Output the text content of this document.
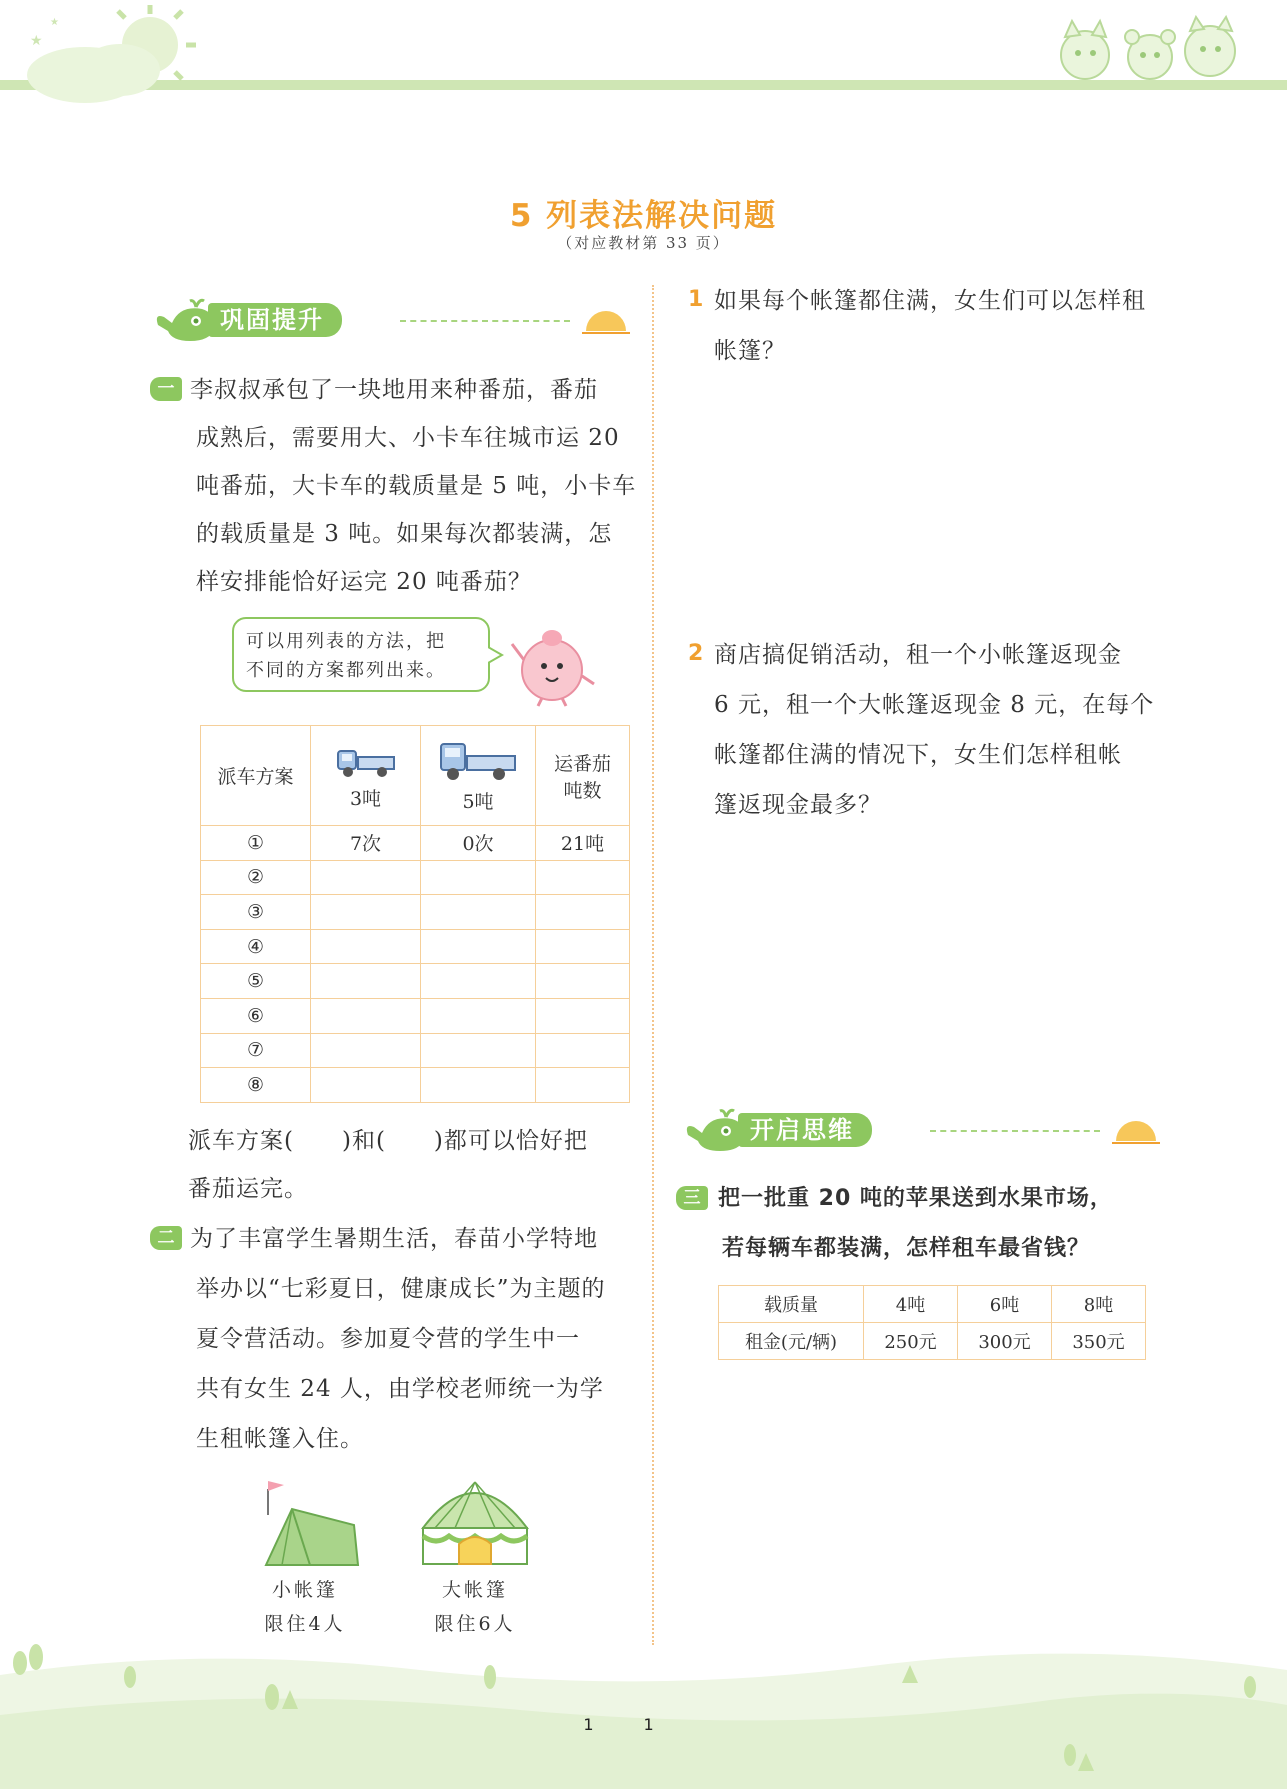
★
★
5 列表法解决问题
（对应教材第 33 页）
巩固提升
一 李叔叔承包了一块地用来种番茄，番茄
成熟后，需要用大、小卡车往城市运 20
吨番茄，大卡车的载质量是 5 吨，小卡车
的载质量是 3 吨。如果每次都装满，怎
样安排能恰好运完 20 吨番茄？
可以用列表的方法，把
不同的方案都列出来。
派车方案	3吨	5吨	运番茄
吨数

①	7次	0次	21吨
②			
③			
④			
⑤			
⑥			
⑦			
⑧			
派车方案(　　)和(　　)都可以恰好把
番茄运完。
二 为了丰富学生暑期生活，春苗小学特地
举办以“七彩夏日，健康成长”为主题的
夏令营活动。参加夏令营的学生中一
共有女生 24 人，由学校老师统一为学
生租帐篷入住。
小帐篷
限住4人
大帐篷
限住6人
1 如果每个帐篷都住满，女生们可以怎样租
帐篷？
2 商店搞促销活动，租一个小帐篷返现金
6 元，租一个大帐篷返现金 8 元，在每个
帐篷都住满的情况下，女生们怎样租帐
篷返现金最多？
开启思维
三 把一批重 20 吨的苹果送到水果市场，
若每辆车都装满，怎样租车最省钱？
载质量	4吨	6吨	8吨
租金(元/辆)	250元	300元	350元
11
